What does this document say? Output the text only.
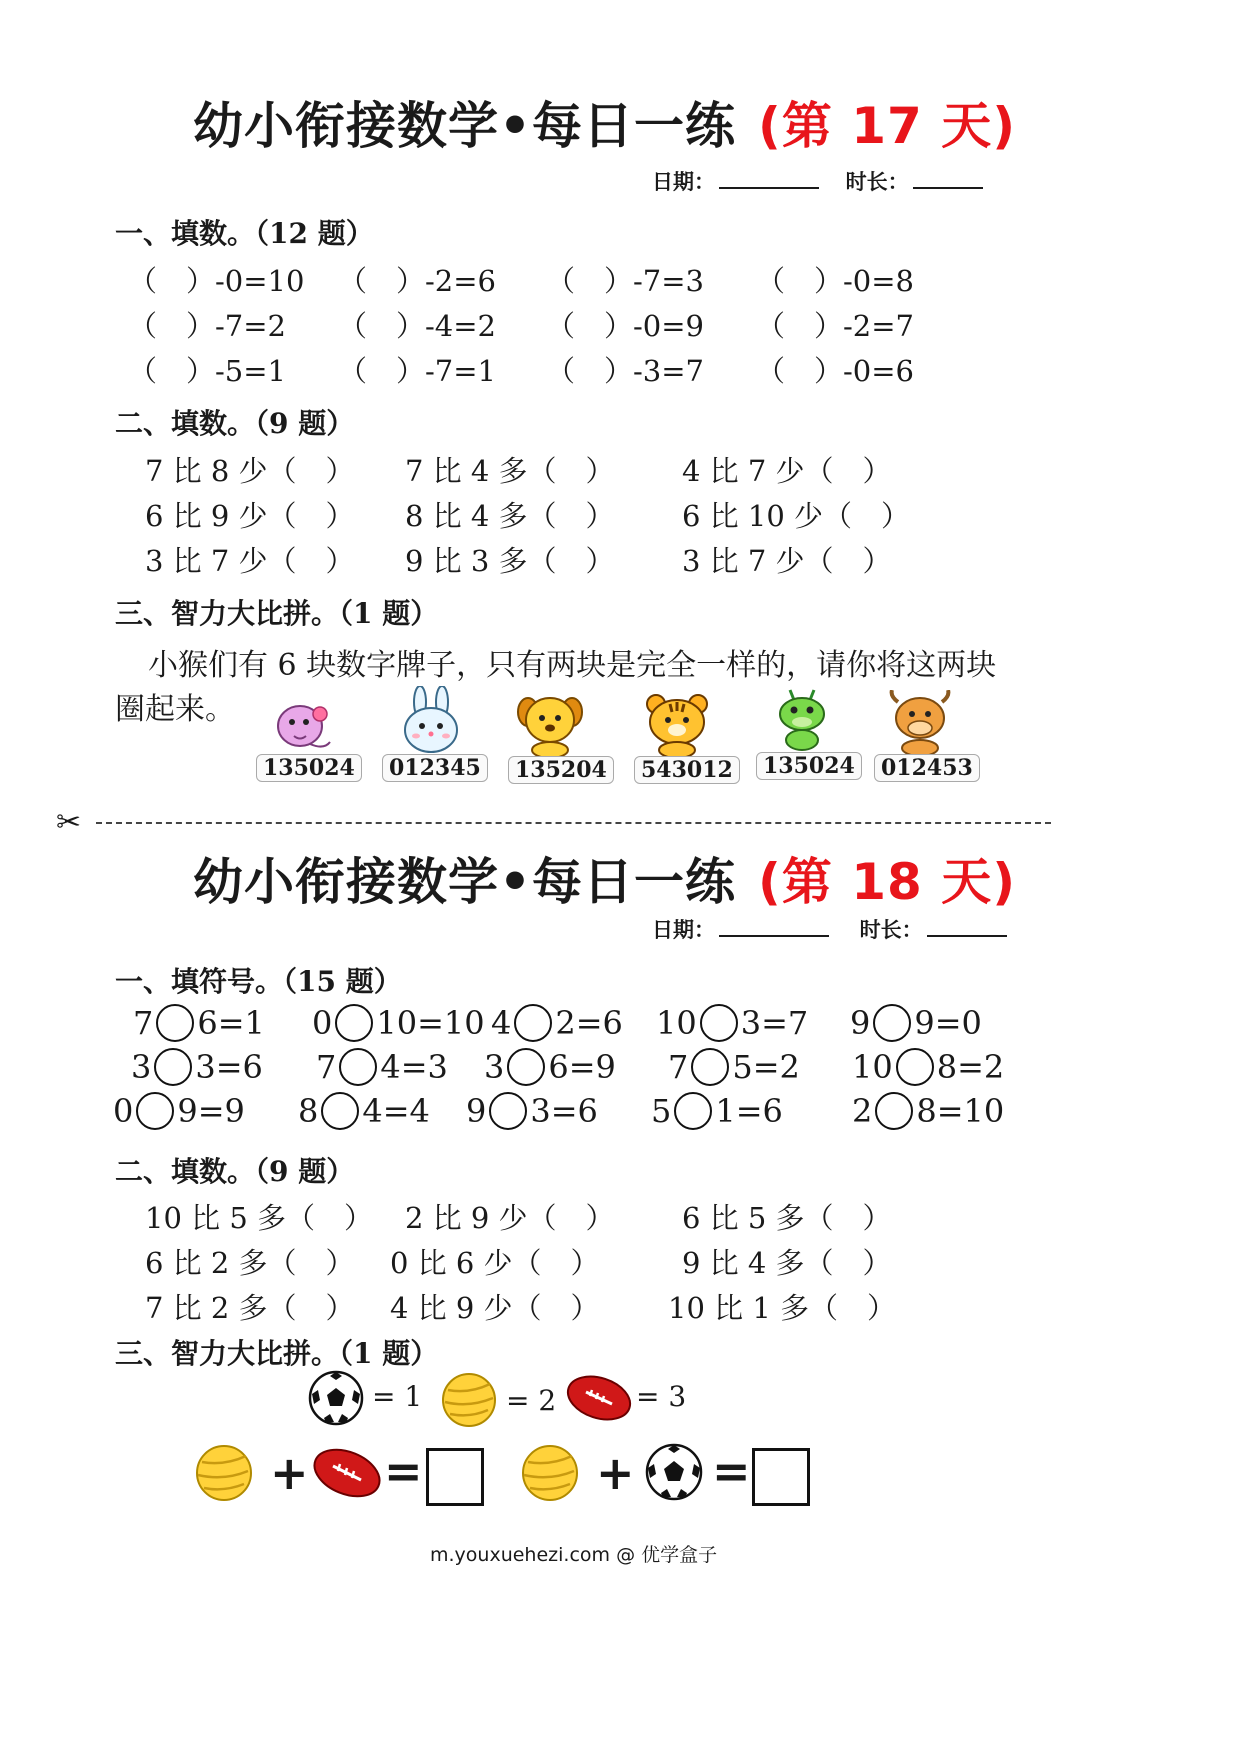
幼小衔接数学•每日一练 (第 17 天)
日期：	时长：
一、填数。（12 题）
（　）-0=10 （　）-2=6 （　）-7=3 （　）-0=8
（　）-7=2 （　）-4=2 （　）-0=9 （　）-2=7
（　）-5=1 （　）-7=1 （　）-3=7 （　）-0=6
二、填数。（9 题）
7 比 8 少（　） 7 比 4 多（　） 4 比 7 少（　）
6 比 9 少（　） 8 比 4 多（　） 6 比 10 少（　）
3 比 7 少（　） 9 比 3 多（　） 3 比 7 少（　）
三、智力大比拼。（1 题）
小猴们有 6 块数字牌子，只有两块是完全一样的，请你将这两块
圈起来。
135024	012345	135204	543012	135024	012453
✂
幼小衔接数学•每日一练 (第 18 天)
日期：	时长：
一、填符号。（15 题）
7 6=1 0 10=10 4 2=6 10 3=7 9 9=0
3 3=6 7 4=3 3 6=9 7 5=2 10 8=2
0 9=9 8 4=4 9 3=6 5 1=6 2 8=10
二、填数。（9 题）
10 比 5 多（　） 2 比 9 少（　） 6 比 5 多（　）
6 比 2 多（　） 0 比 6 少（　）	9 比 4 多（　）
7 比 2 多（　） 4 比 9 少（　） 10 比 1 多（　）
三、智力大比拼。（1 题）
= 1	= 2	= 3
+ =	+ =
m.youxuehezi.com @ 优学盒子
